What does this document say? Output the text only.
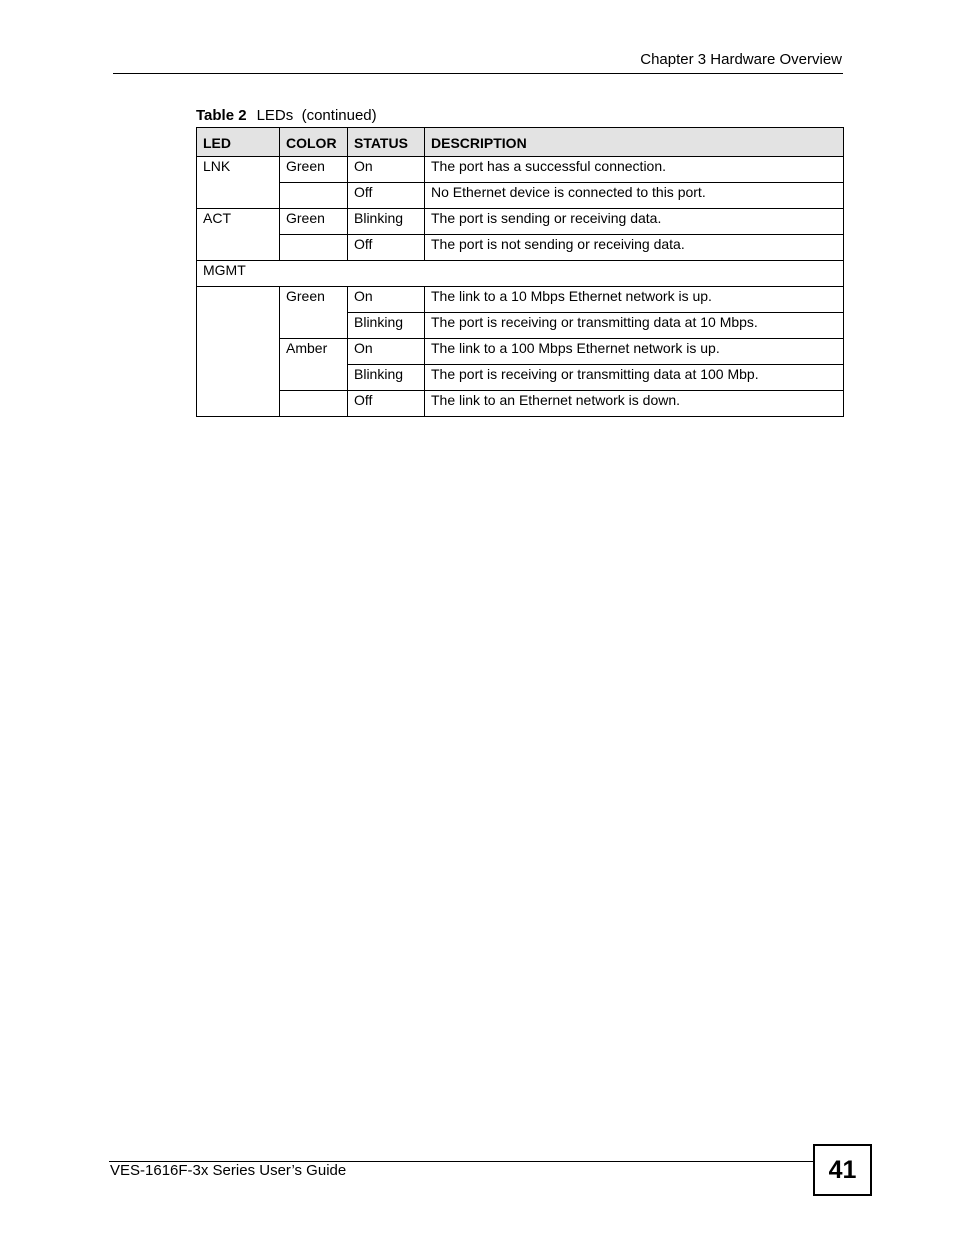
Chapter 3 Hardware Overview
Table 2 LEDs  (continued)
LED	COLOR	STATUS	DESCRIPTION
LNK	Green	On	The port has a successful connection.
		Off	No Ethernet device is connected to this port.
ACT	Green	Blinking	The port is sending or receiving data.
		Off	The port is not sending or receiving data.
MGMT			
	Green	On	The link to a 10 Mbps Ethernet network is up.
		Blinking	The port is receiving or transmitting data at 10 Mbps.
	Amber	On	The link to a 100 Mbps Ethernet network is up.
		Blinking	The port is receiving or transmitting data at 100 Mbp.
		Off	The link to an Ethernet network is down.
VES-1616F-3x Series User’s Guide	41
